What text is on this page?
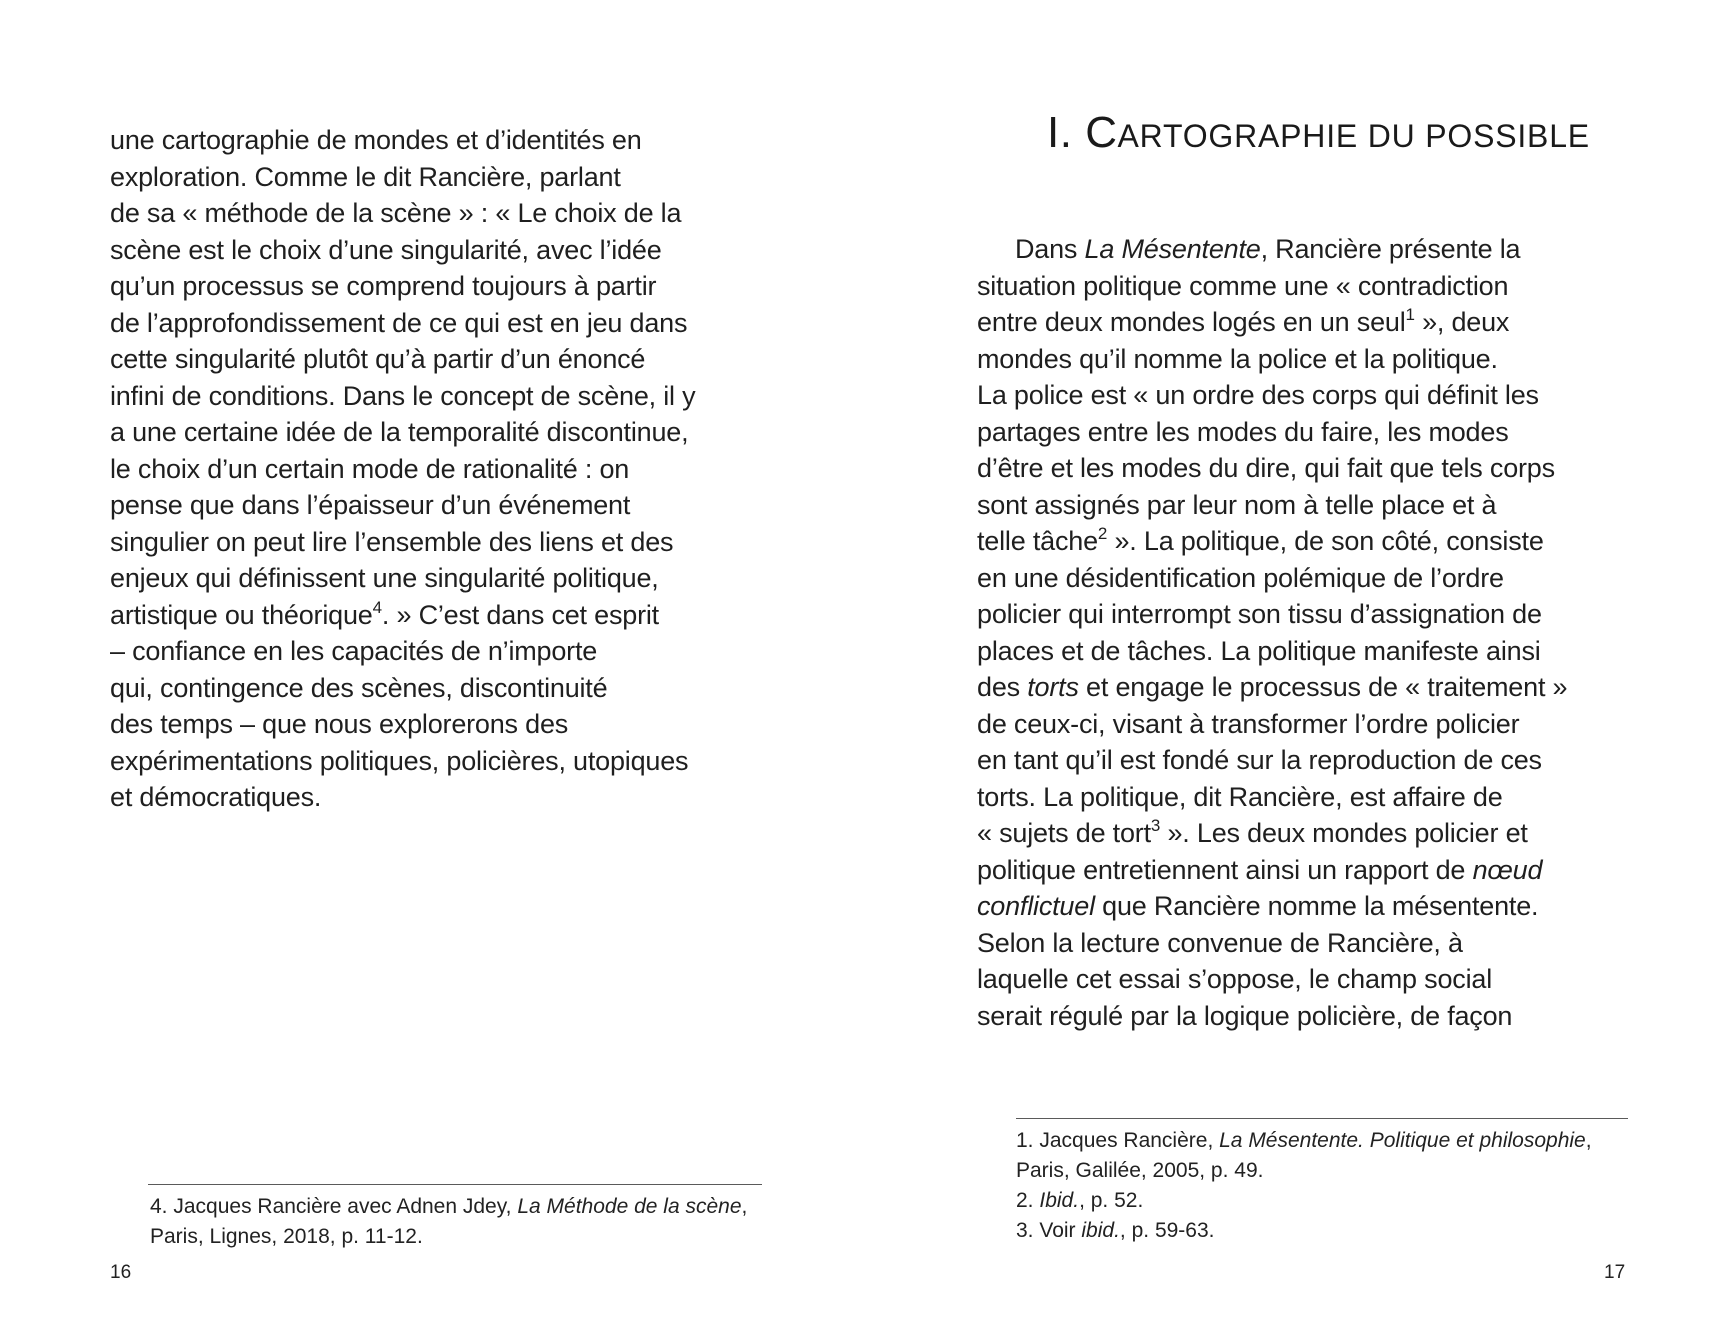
une cartographie de mondes et d’identités en
exploration. Comme le dit Rancière, parlant
de sa « méthode de la scène » : « Le choix de la
scène est le choix d’une singularité, avec l’idée
qu’un processus se comprend toujours à partir
de l’approfondissement de ce qui est en jeu dans
cette singularité plutôt qu’à partir d’un énoncé
infini de conditions. Dans le concept de scène, il y
a une certaine idée de la temporalité discontinue,
le choix d’un certain mode de rationalité : on
pense que dans l’épaisseur d’un événement
singulier on peut lire l’ensemble des liens et des
enjeux qui définissent une singularité politique,
artistique ou théorique$^4$. » C’est dans cet esprit
– confiance en les capacités de n’importe
qui, contingence des scènes, discontinuité
des temps – que nous explorerons des
expérimentations politiques, policières, utopiques
et démocratiques.
4. Jacques Rancière avec Adnen Jdey, La Méthode de la scène,
Paris, Lignes, 2018, p. 11-12.
16
I. CARTOGRAPHIE DU POSSIBLE
Dans La Mésentente, Rancière présente la
situation politique comme une « contradiction
entre deux mondes logés en un seul$^1$ », deux
mondes qu’il nomme la police et la politique.
La police est « un ordre des corps qui définit les
partages entre les modes du faire, les modes
d’être et les modes du dire, qui fait que tels corps
sont assignés par leur nom à telle place et à
telle tâche$^2$ ». La politique, de son côté, consiste
en une désidentification polémique de l’ordre
policier qui interrompt son tissu d’assignation de
places et de tâches. La politique manifeste ainsi
des torts et engage le processus de « traitement »
de ceux-ci, visant à transformer l’ordre policier
en tant qu’il est fondé sur la reproduction de ces
torts. La politique, dit Rancière, est affaire de
« sujets de tort$^3$ ». Les deux mondes policier et
politique entretiennent ainsi un rapport de nœud
conflictuel que Rancière nomme la mésentente.
Selon la lecture convenue de Rancière, à
laquelle cet essai s’oppose, le champ social
serait régulé par la logique policière, de façon
1. Jacques Rancière, La Mésentente. Politique et philosophie,
Paris, Galilée, 2005, p. 49.
2. Ibid., p. 52.
3. Voir ibid., p. 59-63.
17
